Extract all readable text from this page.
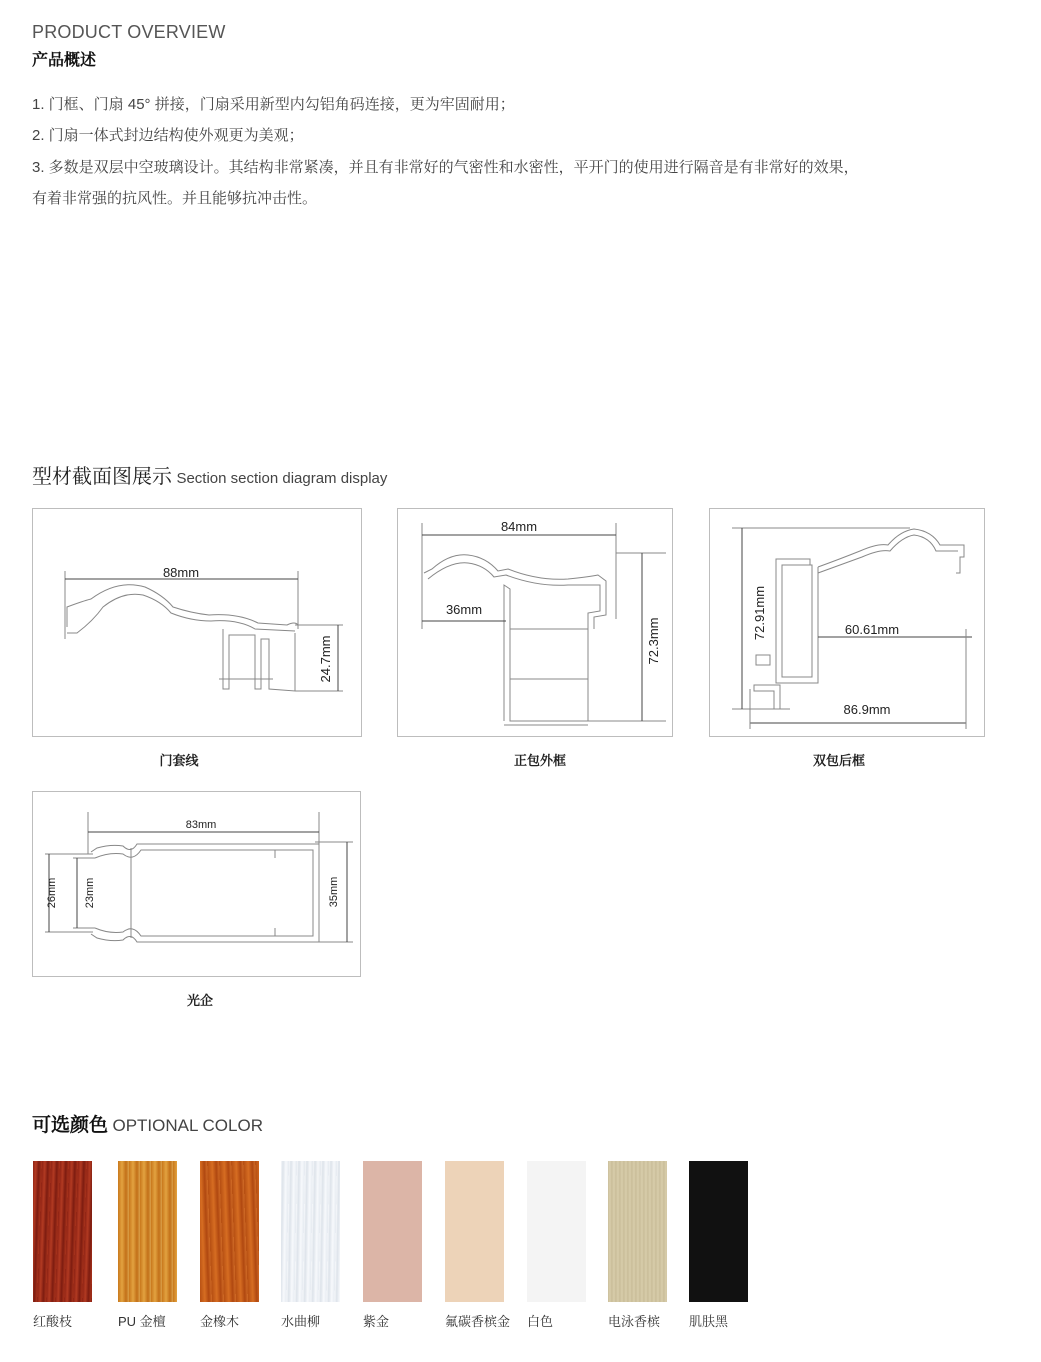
PRODUCT OVERVIEW
产品概述
1. 门框、门扇 45° 拼接，门扇采用新型内勾铝角码连接，更为牢固耐用；
2. 门扇一体式封边结构使外观更为美观；
3. 多数是双层中空玻璃设计。其结构非常紧凑，并且有非常好的气密性和水密性，平开门的使用进行隔音是有非常好的效果，
有着非常强的抗风性。并且能够抗冲击性。
型材截面图展示 Section section diagram display
88mm
24.7mm
门套线
84mm
36mm
72.3mm
正包外框
72.91mm	60.61mm
86.9mm
双包后框
83mm
26mm 23mm	35mm
光企
可选颜色 OPTIONAL COLOR
红酸枝	PU 金檀	金橡木	水曲柳	紫金	氟碳香槟金 白色	电泳香槟 肌肤黑
